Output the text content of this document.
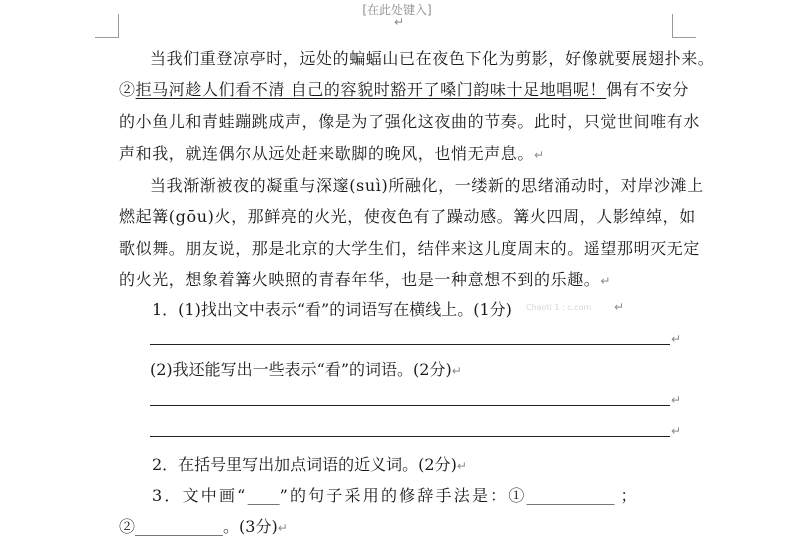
[在此处键入]
↵
当我们重登凉亭时，远处的蝙蝠山已在夜色下化为剪影，好像就要展翅扑来。
②拒马河趁人们看不清 自己的容貌时豁开了嗓门韵味十足地唱呢！偶有不安分
的小鱼儿和青蛙蹦跳成声，像是为了强化这夜曲的节奏。此时，只觉世间唯有水
声和我，就连偶尔从远处赶来歇脚的晚风，也悄无声息。↵
当我渐渐被夜的凝重与深邃(suì)所融化，一缕新的思绪涌动时，对岸沙滩上
燃起篝(gōu)火，那鲜亮的火光，使夜色有了躁动感。篝火四周，人影绰绰，如
歌似舞。朋友说，那是北京的大学生们，结伴来这儿度周末的。遥望那明灭无定
的火光，想象着篝火映照的青春年华，也是一种意想不到的乐趣。↵
1．(1)找出文中表示“看”的词语写在横线上。(1分) Chaoti 1 : c.com ↵
↵
(2)我还能写出一些表示“看”的词语。(2分)↵
↵
↵
2．在括号里写出加点词语的近义词。(2分)↵
3．文中画“____”的句子采用的修辞手法是：①___________ ；
②___________。(3分)↵
